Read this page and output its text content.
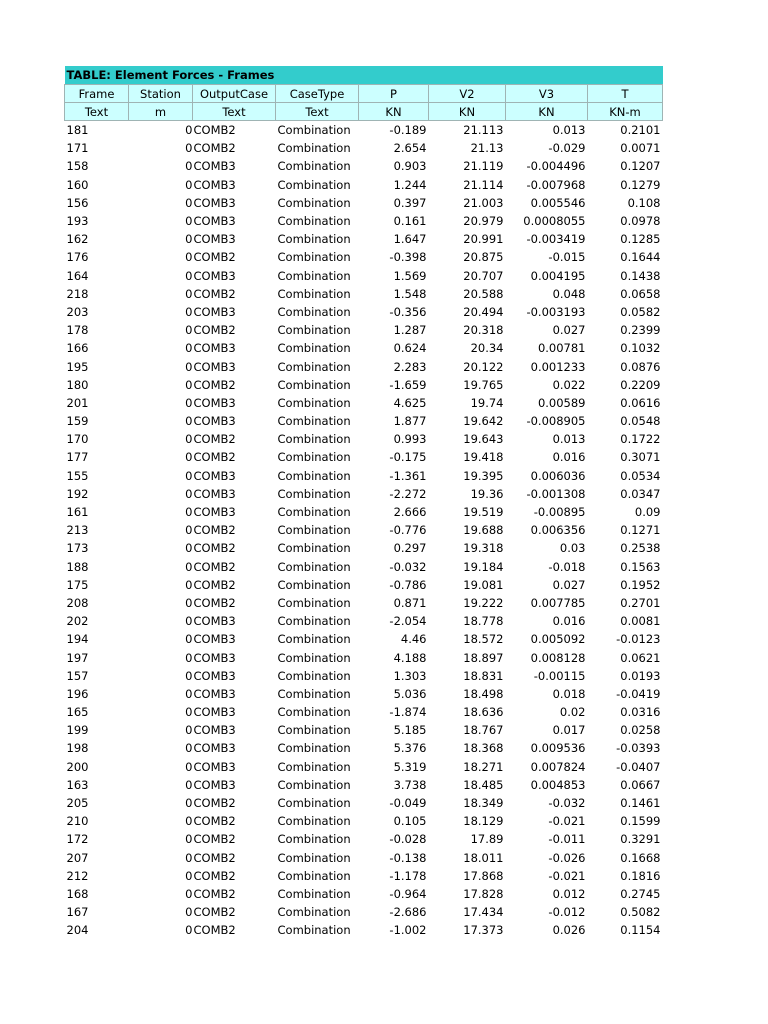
TABLE: Element Forces - Frames							
Frame	Station	OutputCase	CaseType	P	V2	V3	T
Text	m	Text	Text	KN	KN	KN	KN-m
181	0	COMB2	Combination	-0.189	21.113	0.013	0.2101
171	0	COMB2	Combination	2.654	21.13	-0.029	0.0071
158	0	COMB3	Combination	0.903	21.119	-0.004496	0.1207
160	0	COMB3	Combination	1.244	21.114	-0.007968	0.1279
156	0	COMB3	Combination	0.397	21.003	0.005546	0.108
193	0	COMB3	Combination	0.161	20.979	0.0008055	0.0978
162	0	COMB3	Combination	1.647	20.991	-0.003419	0.1285
176	0	COMB2	Combination	-0.398	20.875	-0.015	0.1644
164	0	COMB3	Combination	1.569	20.707	0.004195	0.1438
218	0	COMB2	Combination	1.548	20.588	0.048	0.0658
203	0	COMB3	Combination	-0.356	20.494	-0.003193	0.0582
178	0	COMB2	Combination	1.287	20.318	0.027	0.2399
166	0	COMB3	Combination	0.624	20.34	0.00781	0.1032
195	0	COMB3	Combination	2.283	20.122	0.001233	0.0876
180	0	COMB2	Combination	-1.659	19.765	0.022	0.2209
201	0	COMB3	Combination	4.625	19.74	0.00589	0.0616
159	0	COMB3	Combination	1.877	19.642	-0.008905	0.0548
170	0	COMB2	Combination	0.993	19.643	0.013	0.1722
177	0	COMB2	Combination	-0.175	19.418	0.016	0.3071
155	0	COMB3	Combination	-1.361	19.395	0.006036	0.0534
192	0	COMB3	Combination	-2.272	19.36	-0.001308	0.0347
161	0	COMB3	Combination	2.666	19.519	-0.00895	0.09
213	0	COMB2	Combination	-0.776	19.688	0.006356	0.1271
173	0	COMB2	Combination	0.297	19.318	0.03	0.2538
188	0	COMB2	Combination	-0.032	19.184	-0.018	0.1563
175	0	COMB2	Combination	-0.786	19.081	0.027	0.1952
208	0	COMB2	Combination	0.871	19.222	0.007785	0.2701
202	0	COMB3	Combination	-2.054	18.778	0.016	0.0081
194	0	COMB3	Combination	4.46	18.572	0.005092	-0.0123
197	0	COMB3	Combination	4.188	18.897	0.008128	0.0621
157	0	COMB3	Combination	1.303	18.831	-0.00115	0.0193
196	0	COMB3	Combination	5.036	18.498	0.018	-0.0419
165	0	COMB3	Combination	-1.874	18.636	0.02	0.0316
199	0	COMB3	Combination	5.185	18.767	0.017	0.0258
198	0	COMB3	Combination	5.376	18.368	0.009536	-0.0393
200	0	COMB3	Combination	5.319	18.271	0.007824	-0.0407
163	0	COMB3	Combination	3.738	18.485	0.004853	0.0667
205	0	COMB2	Combination	-0.049	18.349	-0.032	0.1461
210	0	COMB2	Combination	0.105	18.129	-0.021	0.1599
172	0	COMB2	Combination	-0.028	17.89	-0.011	0.3291
207	0	COMB2	Combination	-0.138	18.011	-0.026	0.1668
212	0	COMB2	Combination	-1.178	17.868	-0.021	0.1816
168	0	COMB2	Combination	-0.964	17.828	0.012	0.2745
167	0	COMB2	Combination	-2.686	17.434	-0.012	0.5082
204	0	COMB2	Combination	-1.002	17.373	0.026	0.1154
